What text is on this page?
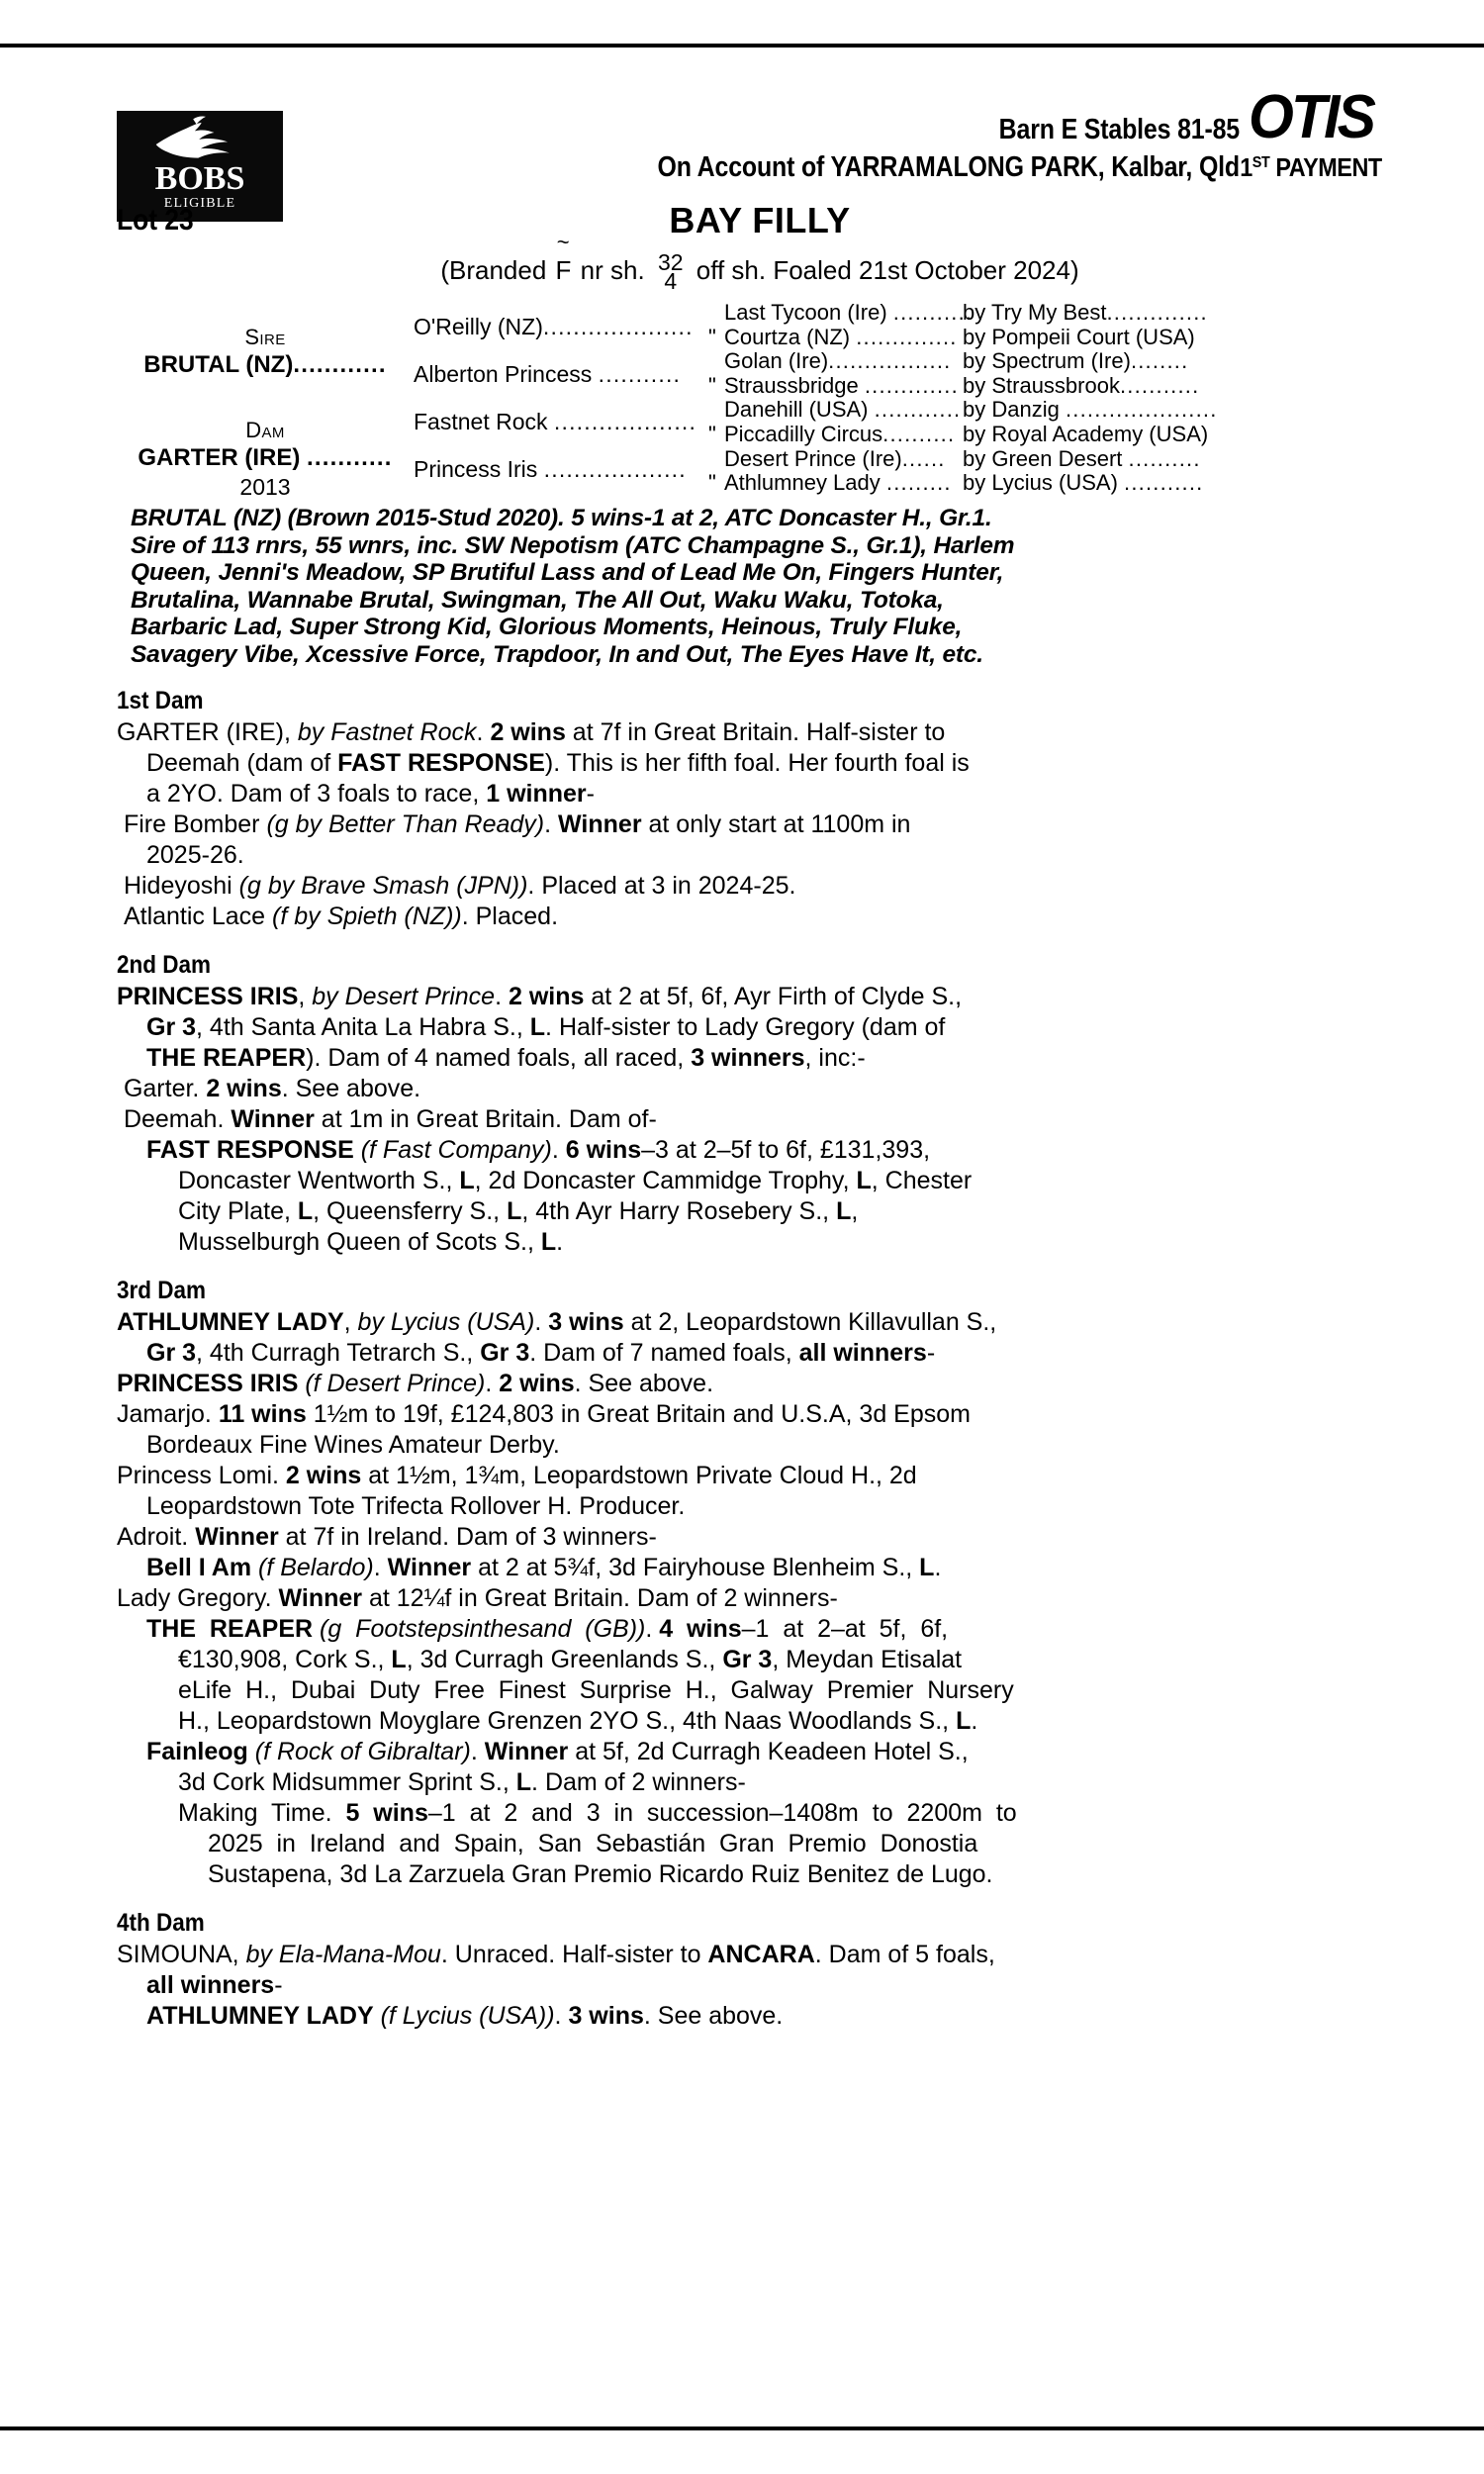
BOBS
ELIGIBLE
Barn E Stables 81-85
On Account of YARRAMALONG PARK, Kalbar, Qld
OTIS
1ST PAYMENT
Lot 23	BAY FILLY
(Branded
~
F nr sh. 32
4 off sh. Foaled 21st October 2024)
Sire
BRUTAL (NZ)............
Dam
GARTER (IRE) ...........
2013
O'Reilly (NZ)....................
Alberton Princess ...........
Fastnet Rock ...................
Princess Iris ...................
Last Tycoon (Ire) ...........
" Courtza (NZ) ..............
Golan (Ire).................
" Straussbridge .............
Danehill (USA) ............
" Piccadilly Circus..........
Desert Prince (Ire)......
" Athlumney Lady .........
by Try My Best..............
by Pompeii Court (USA)
by Spectrum (Ire)........
by Straussbrook...........
by Danzig .....................
by Royal Academy (USA)
by Green Desert ..........
by Lycius (USA) ...........
BRUTAL (NZ) (Brown 2015-Stud 2020). 5 wins-1 at 2, ATC Doncaster H., Gr.1.
Sire of 113 rnrs, 55 wnrs, inc. SW Nepotism (ATC Champagne S., Gr.1), Harlem
Queen, Jenni's Meadow, SP Brutiful Lass and of Lead Me On, Fingers Hunter,
Brutalina, Wannabe Brutal, Swingman, The All Out, Waku Waku, Totoka,
Barbaric Lad, Super Strong Kid, Glorious Moments, Heinous, Truly Fluke,
Savagery Vibe, Xcessive Force, Trapdoor, In and Out, The Eyes Have It, etc.
1st Dam
GARTER (IRE), by Fastnet Rock. 2 wins at 7f in Great Britain. Half-sister to
Deemah (dam of FAST RESPONSE). This is her fifth foal. Her fourth foal is
a 2YO. Dam of 3 foals to race, 1 winner-
Fire Bomber (g by Better Than Ready). Winner at only start at 1100m in
2025-26.
Hideyoshi (g by Brave Smash (JPN)). Placed at 3 in 2024-25.
Atlantic Lace (f by Spieth (NZ)). Placed.
2nd Dam
PRINCESS IRIS, by Desert Prince. 2 wins at 2 at 5f, 6f, Ayr Firth of Clyde S.,
Gr 3, 4th Santa Anita La Habra S., L. Half-sister to Lady Gregory (dam of
THE REAPER). Dam of 4 named foals, all raced, 3 winners, inc:-
Garter. 2 wins. See above.
Deemah. Winner at 1m in Great Britain. Dam of-
FAST RESPONSE (f Fast Company). 6 wins–3 at 2–5f to 6f, £131,393,
Doncaster Wentworth S., L, 2d Doncaster Cammidge Trophy, L, Chester
City Plate, L, Queensferry S., L, 4th Ayr Harry Rosebery S., L,
Musselburgh Queen of Scots S., L.
3rd Dam
ATHLUMNEY LADY, by Lycius (USA). 3 wins at 2, Leopardstown Killavullan S.,
Gr 3, 4th Curragh Tetrarch S., Gr 3. Dam of 7 named foals, all winners-
PRINCESS IRIS (f Desert Prince). 2 wins. See above.
Jamarjo. 11 wins 1½m to 19f, £124,803 in Great Britain and U.S.A, 3d Epsom
Bordeaux Fine Wines Amateur Derby.
Princess Lomi. 2 wins at 1½m, 1¾m, Leopardstown Private Cloud H., 2d
Leopardstown Tote Trifecta Rollover H. Producer.
Adroit. Winner at 7f in Ireland. Dam of 3 winners-
Bell I Am (f Belardo). Winner at 2 at 5¾f, 3d Fairyhouse Blenheim S., L.
Lady Gregory. Winner at 12¼f in Great Britain. Dam of 2 winners-
THE  REAPER (g  Footstepsinthesand  (GB)). 4  wins–1  at  2–at  5f,  6f,
€130,908, Cork S., L, 3d Curragh Greenlands S., Gr 3, Meydan Etisalat
eLife  H.,  Dubai  Duty  Free  Finest  Surprise  H.,  Galway  Premier  Nursery
H., Leopardstown Moyglare Grenzen 2YO S., 4th Naas Woodlands S., L.
Fainleog (f Rock of Gibraltar). Winner at 5f, 2d Curragh Keadeen Hotel S.,
3d Cork Midsummer Sprint S., L. Dam of 2 winners-
Making  Time.  5  wins–1  at  2  and  3  in  succession–1408m  to  2200m  to
2025  in  Ireland  and  Spain,  San  Sebastián  Gran  Premio  Donostia
Sustapena, 3d La Zarzuela Gran Premio Ricardo Ruiz Benitez de Lugo.
4th Dam
SIMOUNA, by Ela-Mana-Mou. Unraced. Half-sister to ANCARA. Dam of 5 foals,
all winners-
ATHLUMNEY LADY (f Lycius (USA)). 3 wins. See above.
